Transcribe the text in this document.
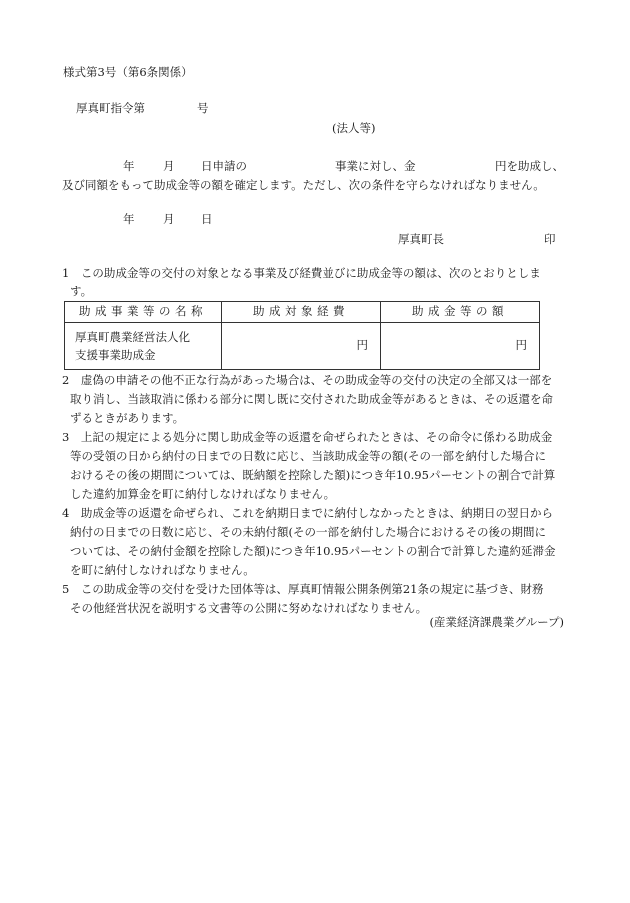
様式第3号（第6条関係）
厚真町指令第	号
(法人等)
年 月 日申請の	事業に対し、金	円を助成し、
及び同額をもって助成金等の額を確定します。ただし、次の条件を守らなければなりません。
年 月 日
厚真町長	印
1　この助成金等の交付の対象となる事業及び経費並びに助成金等の額は、次のとおりとしま
す。
助成事業等の名称	助成対象経費	助成金等の額

厚真町農業経営法人化
支援事業助成金	円	円
2　虚偽の申請その他不正な行為があった場合は、その助成金等の交付の決定の全部又は一部を
取り消し、当該取消に係わる部分に関し既に交付された助成金等があるときは、その返還を命
ずるときがあります。
3　上記の規定による処分に関し助成金等の返還を命ぜられたときは、その命令に係わる助成金
等の受領の日から納付の日までの日数に応じ、当該助成金等の額(その一部を納付した場合に
おけるその後の期間については、既納額を控除した額)につき年10.95パーセントの割合で計算
した違約加算金を町に納付しなければなりません。
4　助成金等の返還を命ぜられ、これを納期日までに納付しなかったときは、納期日の翌日から
納付の日までの日数に応じ、その未納付額(その一部を納付した場合におけるその後の期間に
ついては、その納付金額を控除した額)につき年10.95パーセントの割合で計算した違約延滞金
を町に納付しなければなりません。
5　この助成金等の交付を受けた団体等は、厚真町情報公開条例第21条の規定に基づき、財務
その他経営状況を説明する文書等の公開に努めなければなりません。
(産業経済課農業グループ)
